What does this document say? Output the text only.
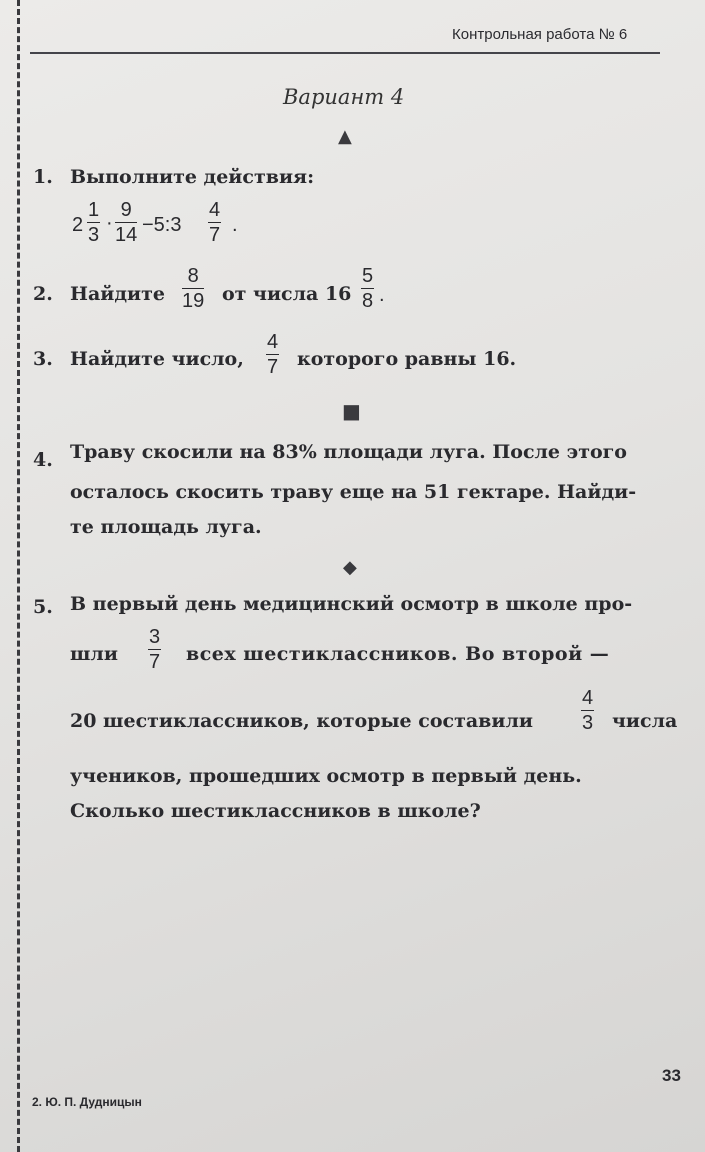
Контрольная работа № 6
Вариант 4
▲
1. Выполните действия:
$2 \frac{1}{3} \cdot \frac{9}{14}$ −5:3 $\frac{4}{7}$ .
2. Найдите $\frac{8}{19}$ от числа $16 \frac{5}{8}$ .
3. Найдите число, $\frac{4}{7}$ которого равны 16.
■
4. Траву скосили на 83% площади луга. После этого
осталось скосить траву еще на 51 гектаре. Найди-
те площадь луга.
◆
5. В первый день медицинский осмотр в школе про-
шли $\frac{3}{7}$ всех шестиклассников. Во второй —
20 шестиклассников, которые составили $\frac{4}{3}$ числа
учеников, прошедших осмотр в первый день.
Сколько шестиклассников в школе?
33
2. Ю. П. Дудницын
